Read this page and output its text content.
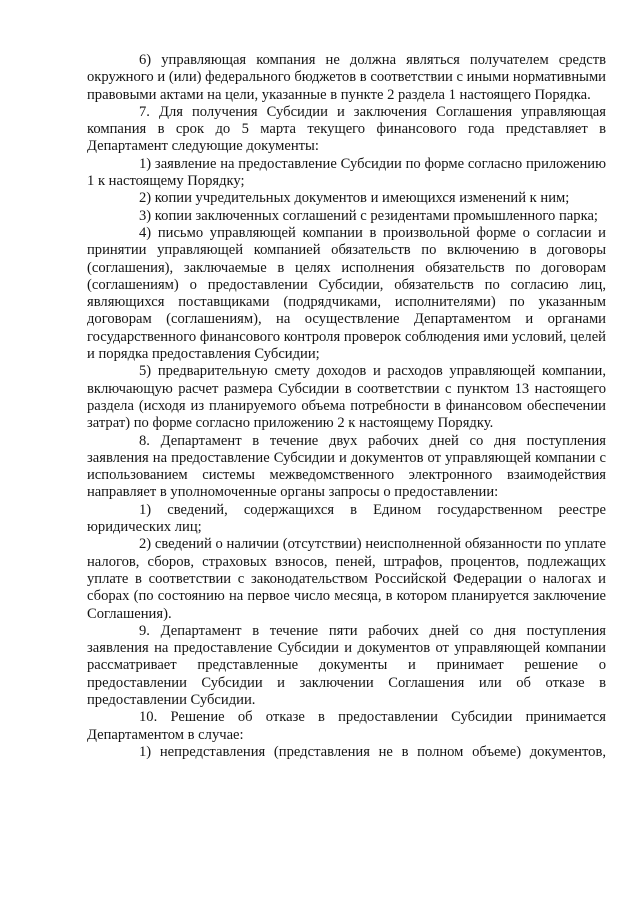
6) управляющая компания не должна являться получателем средств окружного и (или) федерального бюджетов в соответствии с иными нормативными правовыми актами на цели, указанные в пункте 2 раздела 1 настоящего Порядка.

7. Для получения Субсидии и заключения Соглашения управляющая компания в срок до 5 марта текущего финансового года представляет в Департамент следующие документы:

1) заявление на предоставление Субсидии по форме согласно приложению 1 к настоящему Порядку;

2) копии учредительных документов и имеющихся изменений к ним;

3) копии заключенных соглашений с резидентами промышленного парка;

4) письмо управляющей компании в произвольной форме о согласии и принятии управляющей компанией обязательств по включению в договоры (соглашения), заключаемые в целях исполнения обязательств по договорам (соглашениям) о предоставлении Субсидии, обязательств по согласию лиц, являющихся поставщиками (подрядчиками, исполнителями) по указанным договорам (соглашениям), на осуществление Департаментом и органами государственного финансового контроля проверок соблюдения ими условий, целей и порядка предоставления Субсидии;

5) предварительную смету доходов и расходов управляющей компании, включающую расчет размера Субсидии в соответствии с пунктом 13 настоящего раздела (исходя из планируемого объема потребности в финансовом обеспечении затрат) по форме согласно приложению 2 к настоящему Порядку.

8. Департамент в течение двух рабочих дней со дня поступления заявления на предоставление Субсидии и документов от управляющей компании с использованием системы межведомственного электронного взаимодействия направляет в уполномоченные органы запросы о предоставлении:

1) сведений, содержащихся в Едином государственном реестре юридических лиц;

2) сведений о наличии (отсутствии) неисполненной обязанности по уплате налогов, сборов, страховых взносов, пеней, штрафов, процентов, подлежащих уплате в соответствии с законодательством Российской Федерации о налогах и сборах (по состоянию на первое число месяца, в котором планируется заключение Соглашения).

9. Департамент в течение пяти рабочих дней со дня поступления заявления на предоставление Субсидии и документов от управляющей компании рассматривает представленные документы и принимает решение о предоставлении Субсидии и заключении Соглашения или об отказе в предоставлении Субсидии.

10. Решение об отказе в предоставлении Субсидии принимается Департаментом в случае:

1) непредставления (представления не в полном объеме) документов,
